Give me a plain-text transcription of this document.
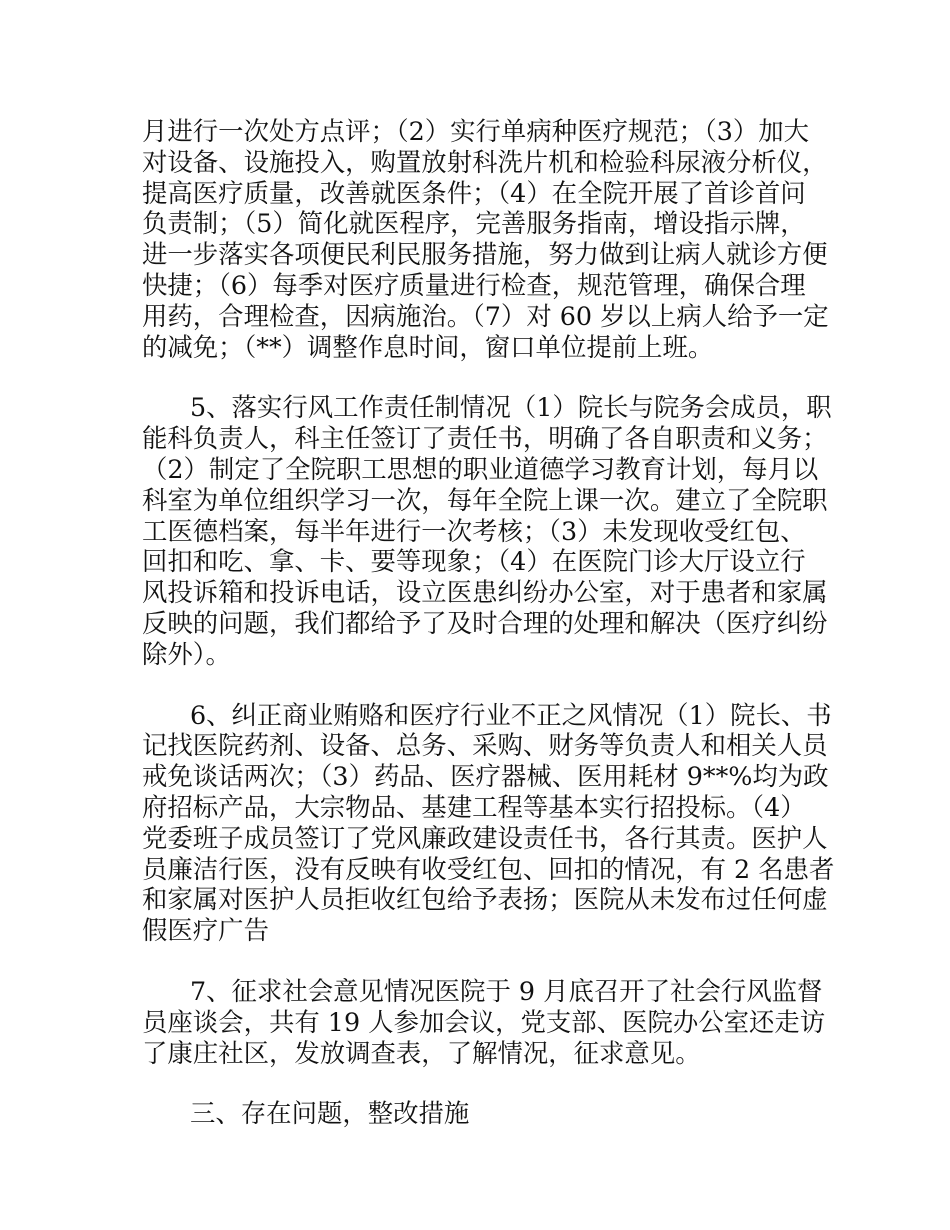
月进行一次处方点评；（2）实行单病种医疗规范；（3）加大
对设备、设施投入，购置放射科洗片机和检验科尿液分析仪，
提高医疗质量，改善就医条件；（4）在全院开展了首诊首问
负责制；（5）简化就医程序，完善服务指南，增设指示牌，
进一步落实各项便民利民服务措施，努力做到让病人就诊方便
快捷；（6）每季对医疗质量进行检查，规范管理，确保合理
用药，合理检查，因病施治。（7）对 60 岁以上病人给予一定
的减免；（**）调整作息时间，窗口单位提前上班。
5、落实行风工作责任制情况（1）院长与院务会成员，职
能科负责人，科主任签订了责任书，明确了各自职责和义务；
（2）制定了全院职工思想的职业道德学习教育计划，每月以
科室为单位组织学习一次，每年全院上课一次。建立了全院职
工医德档案，每半年进行一次考核；（3）未发现收受红包、
回扣和吃、拿、卡、要等现象；（4）在医院门诊大厅设立行
风投诉箱和投诉电话，设立医患纠纷办公室，对于患者和家属
反映的问题，我们都给予了及时合理的处理和解决（医疗纠纷
除外）。
6、纠正商业贿赂和医疗行业不正之风情况（1）院长、书
记找医院药剂、设备、总务、采购、财务等负责人和相关人员
戒免谈话两次；（3）药品、医疗器械、医用耗材 9**%均为政
府招标产品，大宗物品、基建工程等基本实行招投标。（4）
党委班子成员签订了党风廉政建设责任书，各行其责。医护人
员廉洁行医，没有反映有收受红包、回扣的情况，有 2 名患者
和家属对医护人员拒收红包给予表扬；医院从未发布过任何虚
假医疗广告
7、征求社会意见情况医院于 9 月底召开了社会行风监督
员座谈会，共有 19 人参加会议，党支部、医院办公室还走访
了康庄社区，发放调查表，了解情况，征求意见。
三、存在问题，整改措施
